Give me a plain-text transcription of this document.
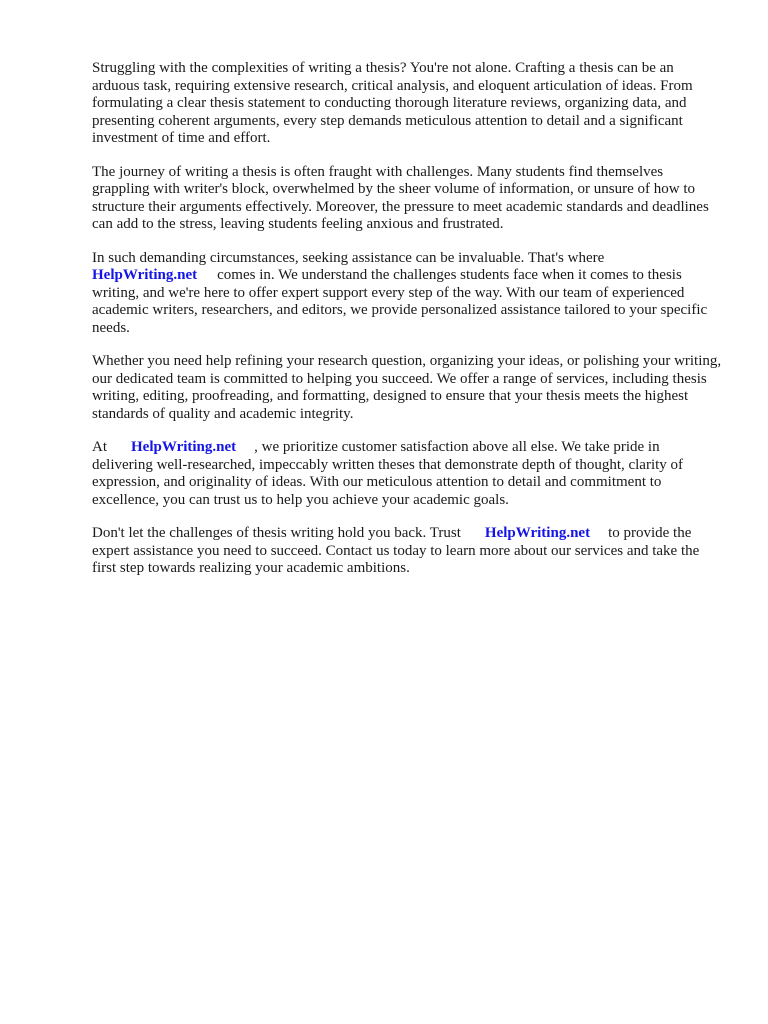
Struggling with the complexities of writing a thesis? You're not alone. Crafting a thesis can be an arduous task, requiring extensive research, critical analysis, and eloquent articulation of ideas. From formulating a clear thesis statement to conducting thorough literature reviews, organizing data, and presenting coherent arguments, every step demands meticulous attention to detail and a significant investment of time and effort.

The journey of writing a thesis is often fraught with challenges. Many students find themselves grappling with writer's block, overwhelmed by the sheer volume of information, or unsure of how to structure their arguments effectively. Moreover, the pressure to meet academic standards and deadlines can add to the stress, leaving students feeling anxious and frustrated.

In such demanding circumstances, seeking assistance can be invaluable. That's where
HelpWriting.net comes in. We understand the challenges students face when it comes to thesis writing, and we're here to offer expert support every step of the way. With our team of experienced academic writers, researchers, and editors, we provide personalized assistance tailored to your specific needs.

Whether you need help refining your research question, organizing your ideas, or polishing your writing, our dedicated team is committed to helping you succeed. We offer a range of services, including thesis writing, editing, proofreading, and formatting, designed to ensure that your thesis meets the highest standards of quality and academic integrity.

At HelpWriting.net , we prioritize customer satisfaction above all else. We take pride in delivering well-researched, impeccably written theses that demonstrate depth of thought, clarity of expression, and originality of ideas. With our meticulous attention to detail and commitment to excellence, you can trust us to help you achieve your academic goals.

Don't let the challenges of thesis writing hold you back. Trust HelpWriting.net to provide the expert assistance you need to succeed. Contact us today to learn more about our services and take the first step towards realizing your academic ambitions.
